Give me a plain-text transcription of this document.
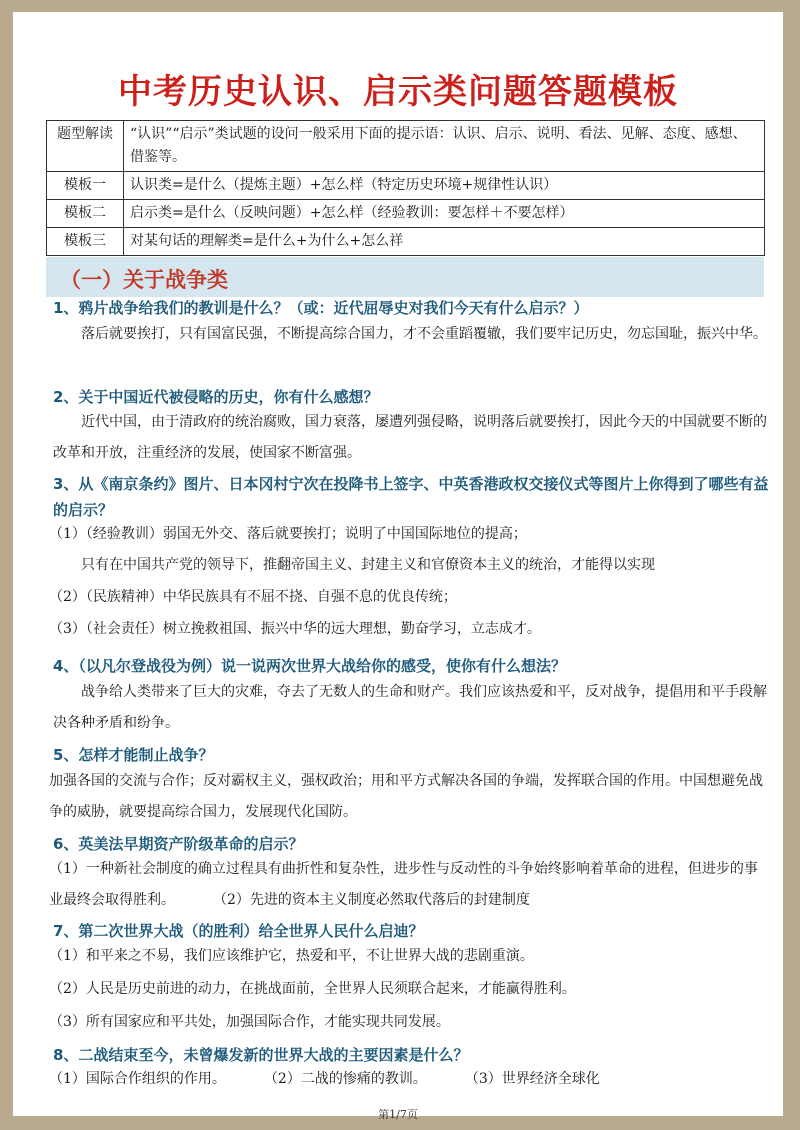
中考历史认识、启示类问题答题模板
题型解读	“认识”“启示”类试题的设问一般采用下面的提示语：认识、启示、说明、看法、见解、态度、感想、借鉴等。
模板一	认识类=是什么（提炼主题）+怎么样（特定历史环境+规律性认识）
模板二	启示类=是什么（反映问题）+怎么样（经验教训：要怎样＋不要怎样）
模板三	对某句话的理解类=是什么+为什么+怎么祥
（一）关于战争类

1、鸦片战争给我们的教训是什么？（或：近代屈辱史对我们今天有什么启示？）

落后就要挨打，只有国富民强，不断提高综合国力，才不会重蹈覆辙，我们要牢记历史，勿忘国耻，振兴中华。

2、关于中国近代被侵略的历史，你有什么感想？

近代中国，由于清政府的统治腐败，国力衰落，屡遭列强侵略，说明落后就要挨打，因此今天的中国就要不断的改革和开放，注重经济的发展，使国家不断富强。

3、从《南京条约》图片、日本冈村宁次在投降书上签字、中英香港政权交接仪式等图片上你得到了哪些有益的启示？

（1）（经验教训）弱国无外交、落后就要挨打；说明了中国国际地位的提高；

只有在中国共产党的领导下，推翻帝国主义、封建主义和官僚资本主义的统治，才能得以实现

（2）（民族精神）中华民族具有不屈不挠、自强不息的优良传统；

（3）（社会责任）树立挽救祖国、振兴中华的远大理想，勤奋学习，立志成才。

4、（以凡尔登战役为例）说一说两次世界大战给你的感受，使你有什么想法？

战争给人类带来了巨大的灾难，夺去了无数人的生命和财产。我们应该热爱和平，反对战争，提倡用和平手段解决各种矛盾和纷争。

5、怎样才能制止战争？

加强各国的交流与合作；反对霸权主义，强权政治；用和平方式解决各国的争端，发挥联合国的作用。中国想避免战争的威胁，就要提高综合国力，发展现代化国防。

6、英美法早期资产阶级革命的启示？

（1）一种新社会制度的确立过程具有曲折性和复杂性，进步性与反动性的斗争始终影响着革命的进程，但进步的事业最终会取得胜利。	（2）先进的资本主义制度必然取代落后的封建制度

7、第二次世界大战（的胜利）给全世界人民什么启迪？

（1）和平来之不易，我们应该维护它，热爱和平，不让世界大战的悲剧重演。

（2）人民是历史前进的动力，在挑战面前，全世界人民须联合起来，才能赢得胜利。

（3）所有国家应和平共处，加强国际合作，才能实现共同发展。

8、二战结束至今，未曾爆发新的世界大战的主要因素是什么？

（1）国际合作组织的作用。	（2）二战的惨痛的教训。	（3）世界经济全球化

第1/7页
